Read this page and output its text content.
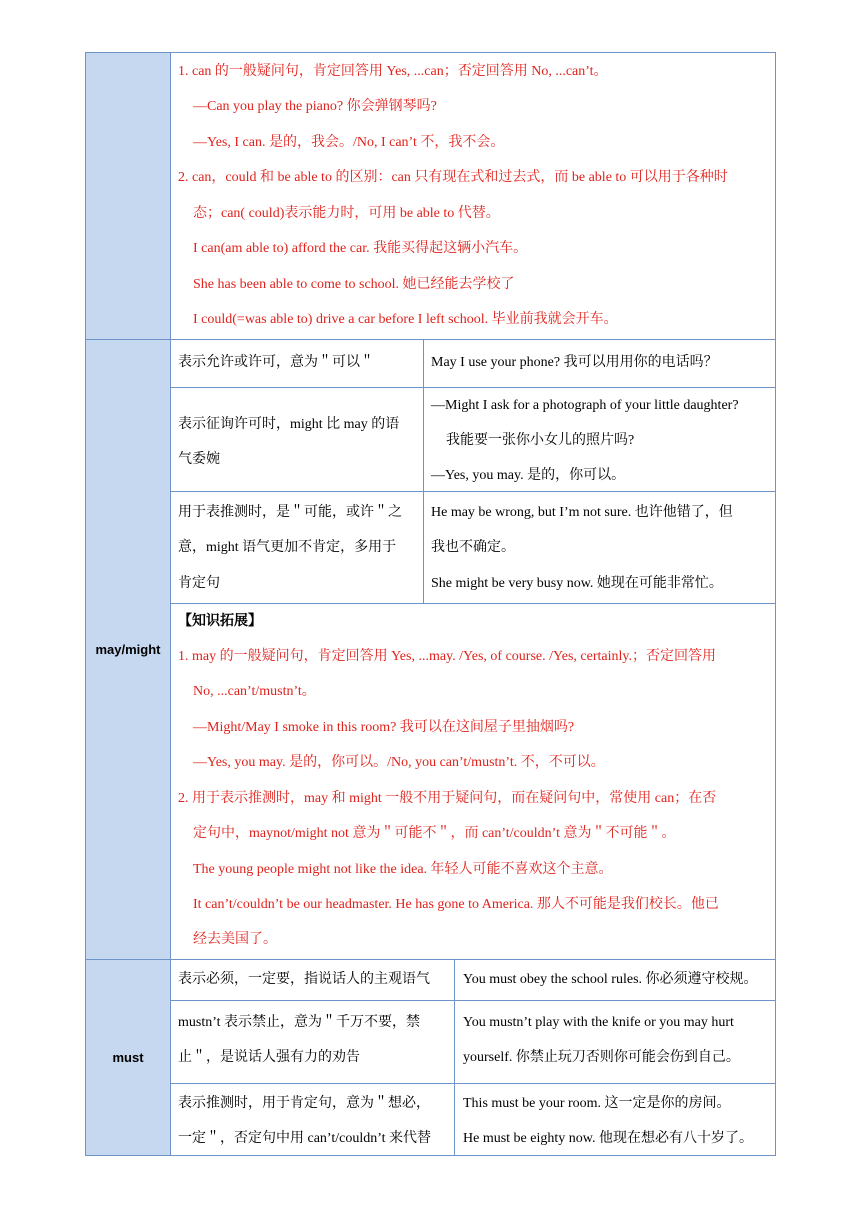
1. can 的一般疑问句，肯定回答用 Yes, ...can；否定回答用 No, ...can’t。
—Can you play the piano? 你会弹钢琴吗?
—Yes, I can. 是的，我会。/No, I can’t 不，我不会。
2. can，could 和 be able to 的区别：can 只有现在式和过去式，而 be able to 可以用于各种时
态；can( could)表示能力时，可用 be able to 代替。
I can(am able to) afford the car. 我能买得起这辆小汽车。
She has been able to come to school. 她已经能去学校了
I could(=was able to) drive a car before I left school. 毕业前我就会开车。
may/might
表示允许或许可，意为＂可以＂	May I use your phone? 我可以用用你的电话吗？
表示征询许可时，might 比 may 的语
气委婉
—Might I ask for a photograph of your little daughter?
我能要一张你小女儿的照片吗?
—Yes, you may. 是的，你可以。
用于表推测时，是＂可能，或许＂之
意，might 语气更加不肯定，多用于
肯定句
He may be wrong, but I’m not sure. 也许他错了，但
我也不确定。
She might be very busy now. 她现在可能非常忙。
【知识拓展】
1. may 的一般疑问句，肯定回答用 Yes, ...may. /Yes, of course. /Yes, certainly.；否定回答用
No, ...can’t/mustn’t。
—Might/May I smoke in this room? 我可以在这间屋子里抽烟吗?
—Yes, you may. 是的，你可以。/No, you can’t/mustn’t. 不，不可以。
2. 用于表示推测时，may 和 might 一般不用于疑问句，而在疑问句中，常使用 can；在否
定句中，maynot/might not 意为＂可能不＂，而 can’t/couldn’t 意为＂不可能＂。
The young people might not like the idea. 年轻人可能不喜欢这个主意。
It can’t/couldn’t be our headmaster. He has gone to America. 那人不可能是我们校长。他已
经去美国了。
must
表示必须，一定要，指说话人的主观语气 You must obey the school rules. 你必须遵守校规。
mustn’t 表示禁止，意为＂千万不要，禁
止＂，是说话人强有力的劝告
You mustn’t play with the knife or you may hurt
yourself. 你禁止玩刀否则你可能会伤到自己。
表示推测时，用于肯定句，意为＂想必，
一定＂，否定句中用 can’t/couldn’t 来代替
This must be your room. 这一定是你的房间。
He must be eighty now. 他现在想必有八十岁了。
